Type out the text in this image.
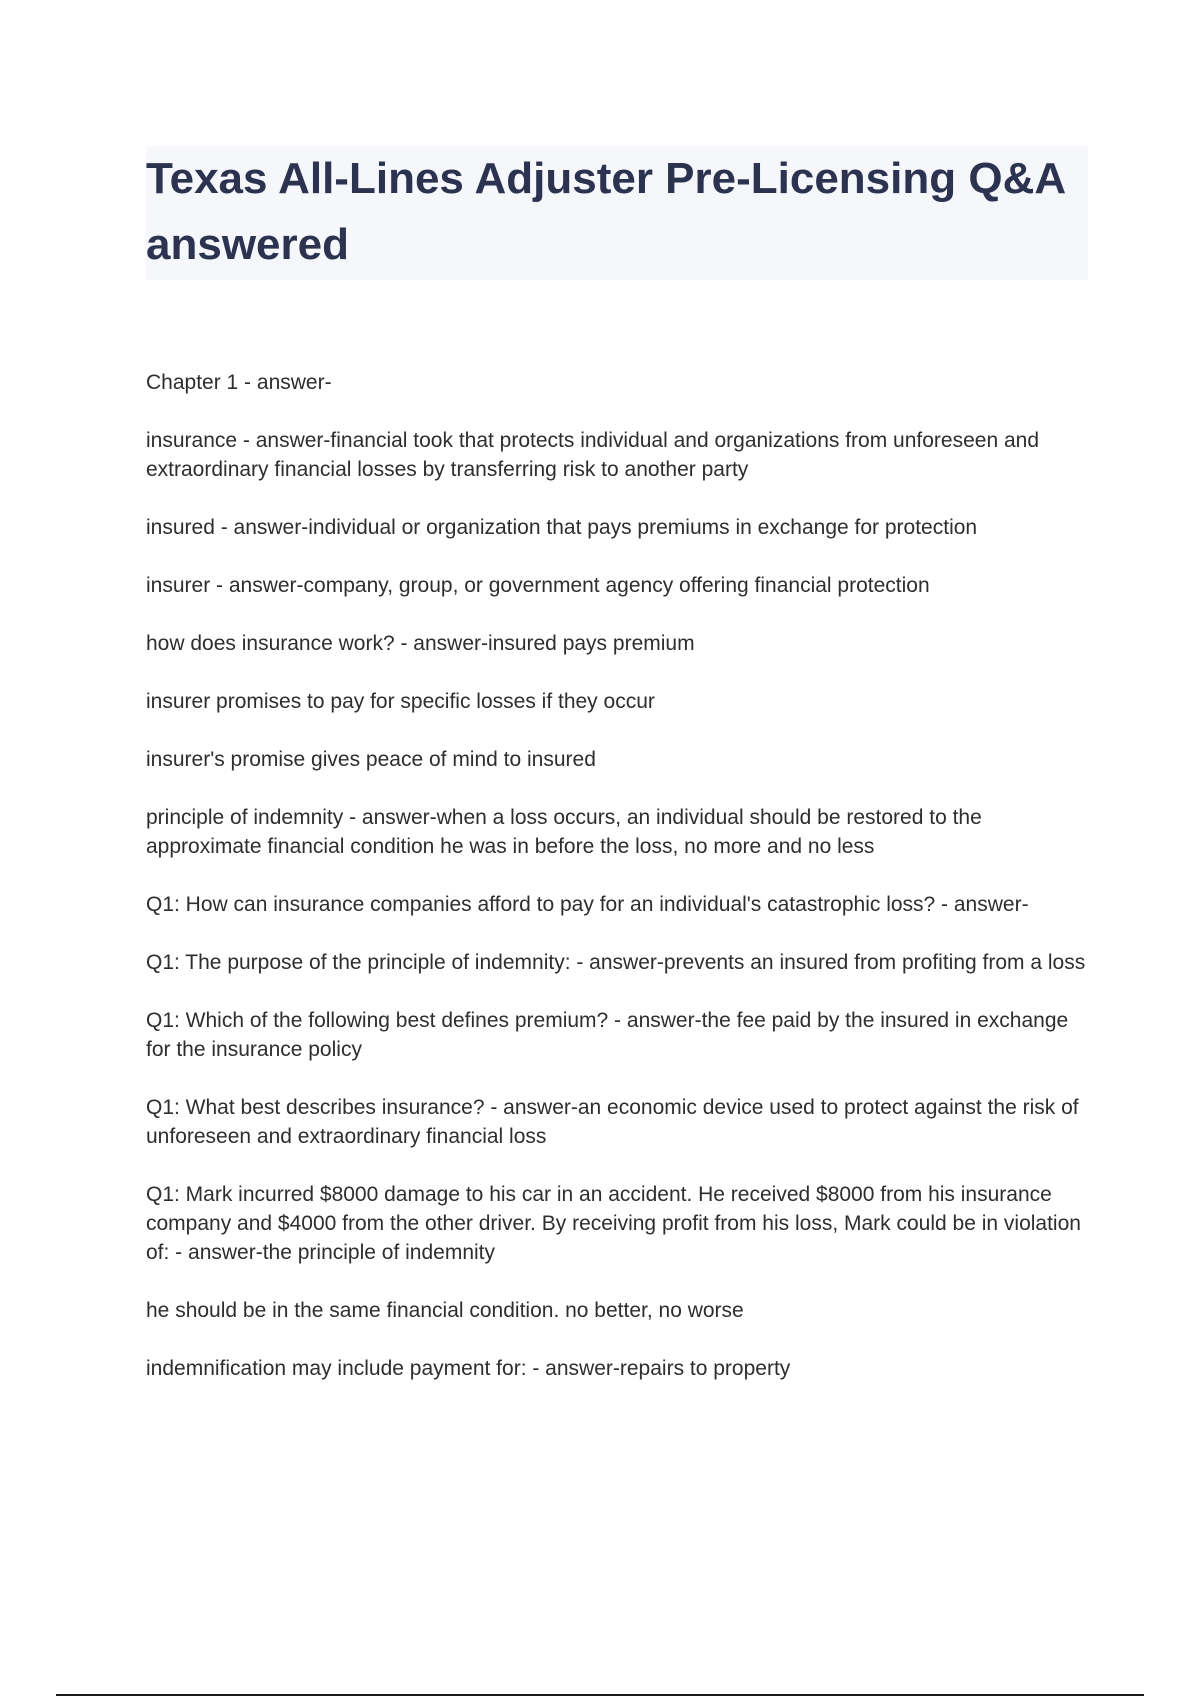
Texas All-Lines Adjuster Pre-Licensing Q&A answered

Chapter 1 - answer-

insurance - answer-financial took that protects individual and organizations from unforeseen and extraordinary financial losses by transferring risk to another party

insured - answer-individual or organization that pays premiums in exchange for protection

insurer - answer-company, group, or government agency offering financial protection

how does insurance work? - answer-insured pays premium

insurer promises to pay for specific losses if they occur

insurer's promise gives peace of mind to insured

principle of indemnity - answer-when a loss occurs, an individual should be restored to the approximate financial condition he was in before the loss, no more and no less

Q1: How can insurance companies afford to pay for an individual's catastrophic loss? - answer-

Q1: The purpose of the principle of indemnity: - answer-prevents an insured from profiting from a loss

Q1: Which of the following best defines premium? - answer-the fee paid by the insured in exchange for the insurance policy

Q1: What best describes insurance? - answer-an economic device used to protect against the risk of unforeseen and extraordinary financial loss

Q1: Mark incurred $8000 damage to his car in an accident. He received $8000 from his insurance company and $4000 from the other driver. By receiving profit from his loss, Mark could be in violation of: - answer-the principle of indemnity

he should be in the same financial condition. no better, no worse

indemnification may include payment for: - answer-repairs to property
